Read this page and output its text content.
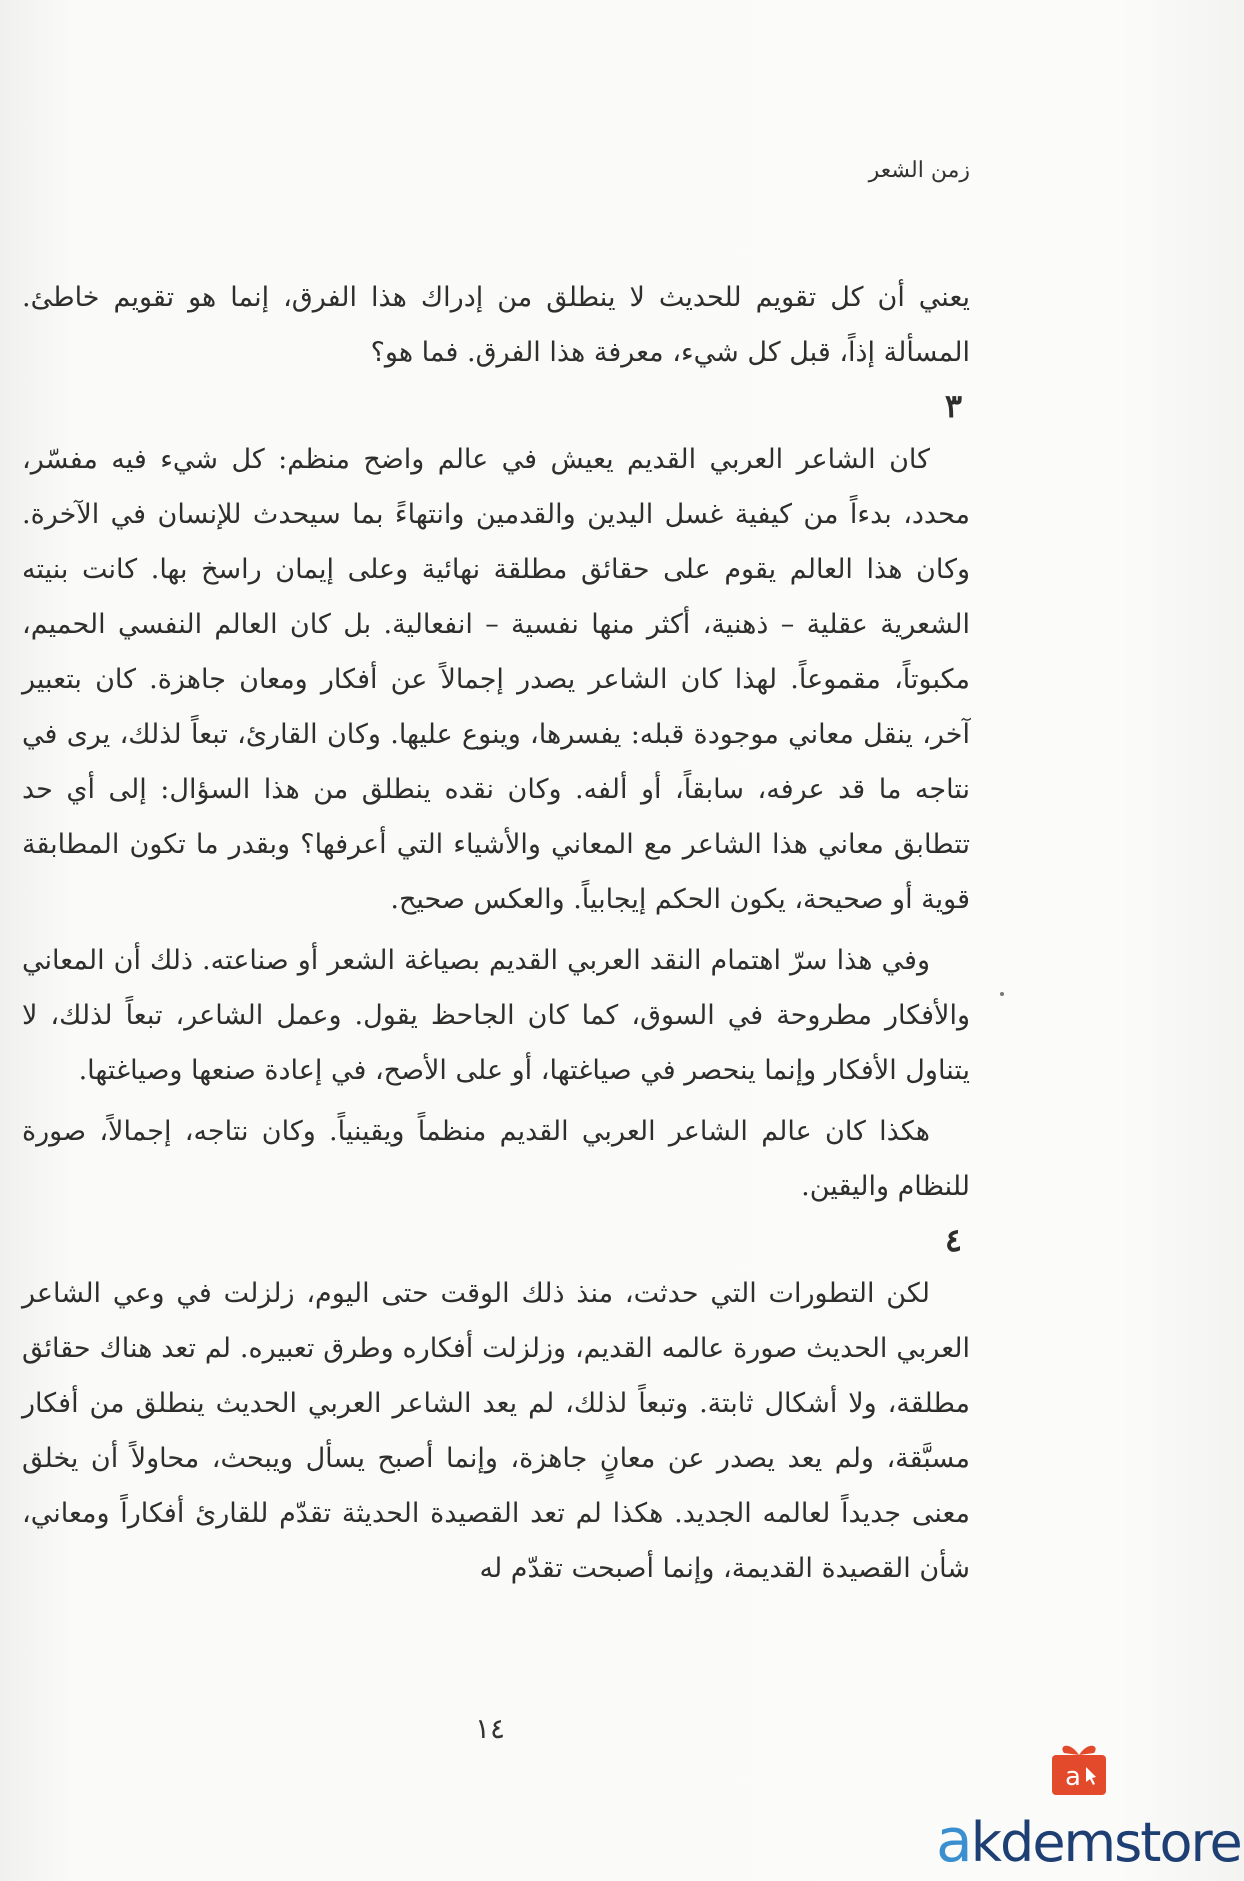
زمن الشعر

يعني أن كل تقويم للحديث لا ينطلق من إدراك هذا الفرق، إنما هو تقويم خاطئ. المسألة إذاً، قبل كل شيء، معرفة هذا الفرق. فما هو؟

٣

كان الشاعر العربي القديم يعيش في عالم واضح منظم: كل شيء فيه مفسّر، محدد، بدءاً من كيفية غسل اليدين والقدمين وانتهاءً بما سيحدث للإنسان في الآخرة. وكان هذا العالم يقوم على حقائق مطلقة نهائية وعلى إيمان راسخ بها. كانت بنيته الشعرية عقلية – ذهنية، أكثر منها نفسية – انفعالية. بل كان العالم النفسي الحميم، مكبوتاً، مقموعاً. لهذا كان الشاعر يصدر إجمالاً عن أفكار ومعان جاهزة. كان بتعبير آخر، ينقل معاني موجودة قبله: يفسرها، وينوع عليها. وكان القارئ، تبعاً لذلك، يرى في نتاجه ما قد عرفه، سابقاً، أو ألفه. وكان نقده ينطلق من هذا السؤال: إلى أي حد تتطابق معاني هذا الشاعر مع المعاني والأشياء التي أعرفها؟ وبقدر ما تكون المطابقة قوية أو صحيحة، يكون الحكم إيجابياً. والعكس صحيح.

وفي هذا سرّ اهتمام النقد العربي القديم بصياغة الشعر أو صناعته. ذلك أن المعاني والأفكار مطروحة في السوق، كما كان الجاحظ يقول. وعمل الشاعر، تبعاً لذلك، لا يتناول الأفكار وإنما ينحصر في صياغتها، أو على الأصح، في إعادة صنعها وصياغتها.

هكذا كان عالم الشاعر العربي القديم منظماً ويقينياً. وكان نتاجه، إجمالاً، صورة للنظام واليقين.

٤

لكن التطورات التي حدثت، منذ ذلك الوقت حتى اليوم، زلزلت في وعي الشاعر العربي الحديث صورة عالمه القديم، وزلزلت أفكاره وطرق تعبيره. لم تعد هناك حقائق مطلقة، ولا أشكال ثابتة. وتبعاً لذلك، لم يعد الشاعر العربي الحديث ينطلق من أفكار مسبَّقة، ولم يعد يصدر عن معانٍ جاهزة، وإنما أصبح يسأل ويبحث، محاولاً أن يخلق معنى جديداً لعالمه الجديد. هكذا لم تعد القصيدة الحديثة تقدّم للقارئ أفكاراً ومعاني، شأن القصيدة القديمة، وإنما أصبحت تقدّم له

١٤
a
akdemstore
